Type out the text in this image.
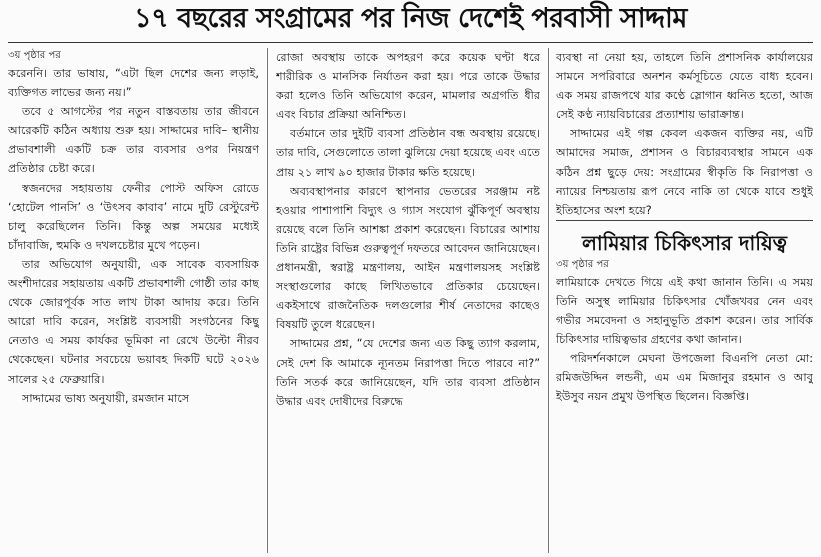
১৭ বছরের সংগ্রামের পর নিজ দেশেই পরবাসী সাদ্দাম

৩য় পৃষ্ঠার পর

করেননি। তার ভাষায়, “এটা ছিল দেশের জন্য লড়াই, ব্যক্তিগত লাভের জন্য নয়।”

তবে ৫ আগস্টের পর নতুন বাস্তবতায় তার জীবনে আরেকটি কঠিন অধ্যায় শুরু হয়। সাদ্দামের দাবি– স্থানীয় প্রভাবশালী একটি চক্র তার ব্যবসার ওপর নিয়ন্ত্রণ প্রতিষ্ঠার চেষ্টা করে।

স্বজনদের সহায়তায় ফেনীর পোস্ট অফিস রোডে ‘হোটেল পানসি’ ও ‘উৎসব কাবাব’ নামে দুটি রেস্টুরেন্ট চালু করেছিলেন তিনি। কিন্তু অল্প সময়ের মধ্যেই চাঁদাবাজি, হুমকি ও দখলচেষ্টার মুখে পড়েন।

তার অভিযোগ অনুযায়ী, এক সাবেক ব্যবসায়িক অংশীদারের সহায়তায় একটি প্রভাবশালী গোষ্ঠী তার কাছ থেকে জোরপূর্বক সাত লাখ টাকা আদায় করে। তিনি আরো দাবি করেন, সংশ্লিষ্ট ব্যবসায়ী সংগঠনের কিছু নেতাও এ সময় কার্যকর ভূমিকা না রেখে উল্টো নীরব থেকেছেন। ঘটনার সবচেয়ে ভয়াবহ দিকটি ঘটে ২০২৬ সালের ২৫ ফেব্রুয়ারি।

সাদ্দামের ভাষ্য অনুযায়ী, রমজান মাসে

রোজা অবস্থায় তাকে অপহরণ করে কয়েক ঘণ্টা ধরে শারীরিক ও মানসিক নির্যাতন করা হয়। পরে তাকে উদ্ধার করা হলেও তিনি অভিযোগ করেন, মামলার অগ্রগতি ধীর এবং বিচার প্রক্রিয়া অনিশ্চিত।

বর্তমানে তার দুইটি ব্যবসা প্রতিষ্ঠান বন্ধ অবস্থায় রয়েছে। তার দাবি, সেগুলোতে তালা ঝুলিয়ে দেয়া হয়েছে এবং এতে প্রায় ২১ লাখ ৯০ হাজার টাকার ক্ষতি হয়েছে।

অব্যবস্থাপনার কারণে স্থাপনার ভেতরের সরঞ্জাম নষ্ট হওয়ার পাশাপাশি বিদ্যুৎ ও গ্যাস সংযোগ ঝুঁকিপূর্ণ অবস্থায় রয়েছে বলে তিনি আশঙ্কা প্রকাশ করেছেন। বিচারের আশায় তিনি রাষ্ট্রের বিভিন্ন গুরুত্বপূর্ণ দফতরে আবেদন জানিয়েছেন। প্রধানমন্ত্রী, স্বরাষ্ট্র মন্ত্রণালয়, আইন মন্ত্রণালয়সহ সংশ্লিষ্ট সংস্থাগুলোর কাছে লিখিতভাবে প্রতিকার চেয়েছেন। একইসাথে রাজনৈতিক দলগুলোর শীর্ষ নেতাদের কাছেও বিষয়টি তুলে ধরেছেন।

সাদ্দামের প্রশ্ন, “যে দেশের জন্য এত কিছু ত্যাগ করলাম, সেই দেশ কি আমাকে ন্যূনতম নিরাপত্তা দিতে পারবে না?” তিনি সতর্ক করে জানিয়েছেন, যদি তার ব্যবসা প্রতিষ্ঠান উদ্ধার এবং দোষীদের বিরুদ্ধে

ব্যবস্থা না নেয়া হয়, তাহলে তিনি প্রশাসনিক কার্যালয়ের সামনে সপরিবারে অনশন কর্মসূচিতে যেতে বাধ্য হবেন। এক সময় রাজপথে যার কণ্ঠে স্লোগান ধ্বনিত হতো, আজ সেই কণ্ঠ ন্যায়বিচারের প্রত্যাশায় ভারাক্রান্ত।

সাদ্দামের এই গল্প কেবল একজন ব্যক্তির নয়, এটি আমাদের সমাজ, প্রশাসন ও বিচারব্যবস্থার সামনে এক কঠিন প্রশ্ন ছুড়ে দেয়: সংগ্রামের স্বীকৃতি কি নিরাপত্তা ও ন্যায়ের নিশ্চয়তায় রূপ নেবে নাকি তা থেকে যাবে শুধুই ইতিহাসের অংশ হয়ে?

লামিয়ার চিকিৎসার দায়িত্ব

৩য় পৃষ্ঠার পর

লামিয়াকে দেখতে গিয়ে এই কথা জানান তিনি। এ সময় তিনি অসুস্থ লামিয়ার চিকিৎসার খোঁজখবর নেন এবং গভীর সমবেদনা ও সহানুভূতি প্রকাশ করেন। তার সার্বিক চিকিৎসার দায়িত্বভার গ্রহণের কথা জানান।

পরিদর্শনকালে মেঘনা উপজেলা বিএনপি নেতা মো: রমিজউদ্দিন লন্ডনী, এম এম মিজানুর রহমান ও আবু ইউসুব নয়ন প্রমুখ উপস্থিত ছিলেন। বিজ্ঞপ্তি।
